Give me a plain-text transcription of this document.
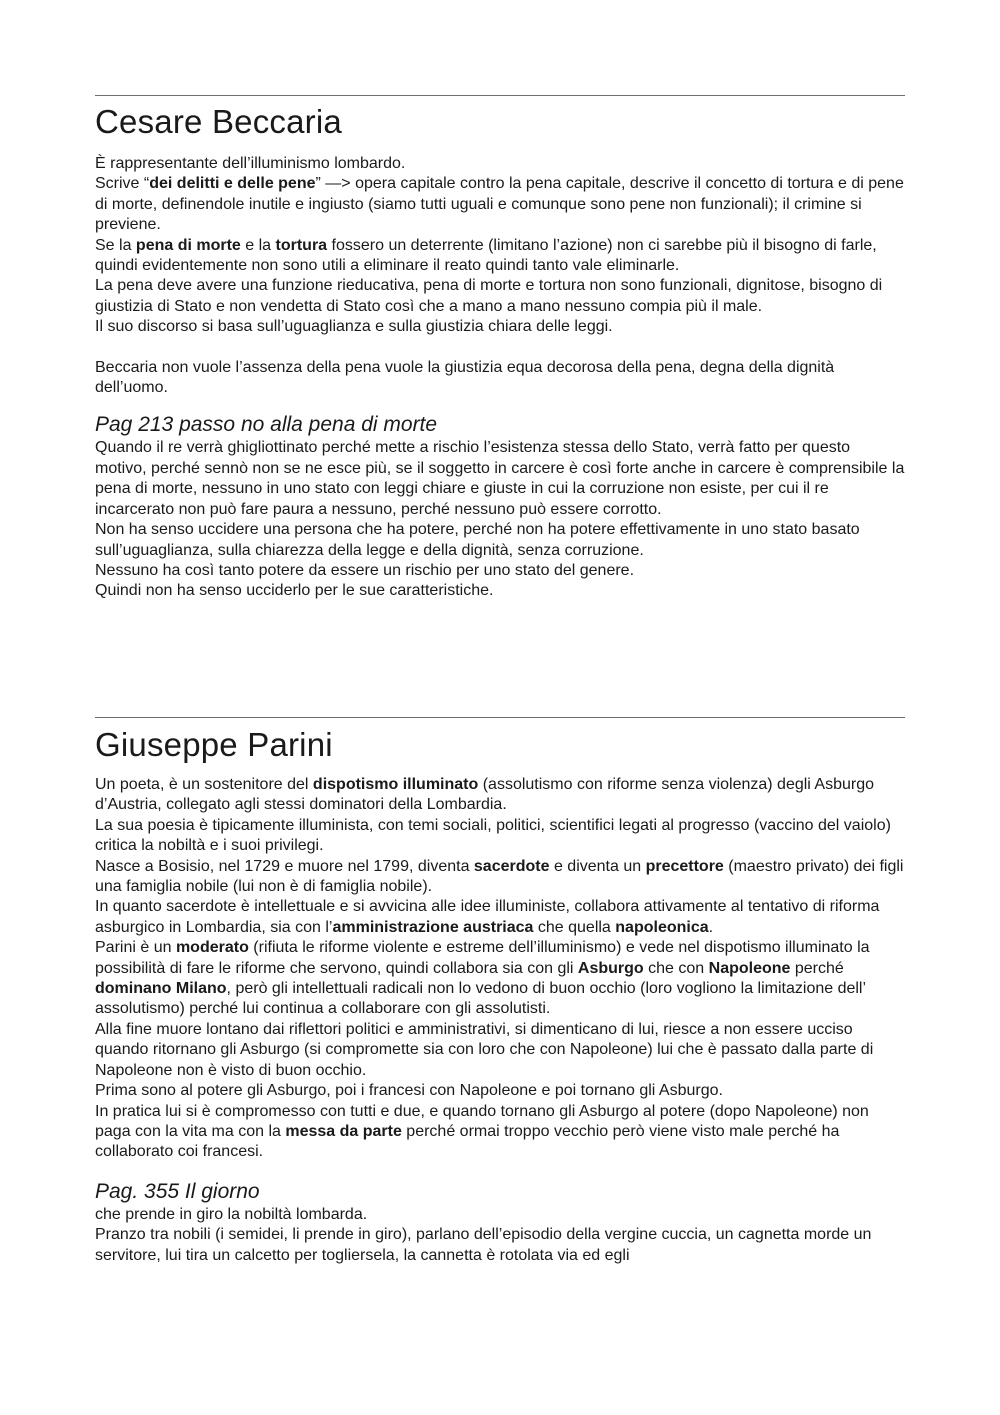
Cesare Beccaria

È rappresentante dell’illuminismo lombardo.

Scrive “dei delitti e delle pene” —> opera capitale contro la pena capitale, descrive il concetto di tortura e di pene di morte, definendole inutile e ingiusto (siamo tutti uguali e comunque sono pene non funzionali); il crimine si previene.

Se la pena di morte e la tortura fossero un deterrente (limitano l’azione) non ci sarebbe più il bisogno di farle, quindi evidentemente non sono utili a eliminare il reato quindi tanto vale eliminarle.

La pena deve avere una funzione rieducativa, pena di morte e tortura non sono funzionali, dignitose, bisogno di giustizia di Stato e non vendetta di Stato così che a mano a mano nessuno compia più il male.

Il suo discorso si basa sull’uguaglianza e sulla giustizia chiara delle leggi.

Beccaria non vuole l’assenza della pena vuole la giustizia equa decorosa della pena, degna della dignità dell’uomo.

Pag 213 passo no alla pena di morte

Quando il re verrà ghigliottinato perché mette a rischio l’esistenza stessa dello Stato, verrà fatto per questo motivo, perché sennò non se ne esce più, se il soggetto in carcere è così forte anche in carcere è comprensibile la pena di morte, nessuno in uno stato con leggi chiare e giuste in cui la corruzione non esiste, per cui il re incarcerato non può fare paura a nessuno, perché nessuno può essere corrotto.

Non ha senso uccidere una persona che ha potere, perché non ha potere effettivamente in uno stato basato sull’uguaglianza, sulla chiarezza della legge e della dignità, senza corruzione.

Nessuno ha così tanto potere da essere un rischio per uno stato del genere.

Quindi non ha senso ucciderlo per le sue caratteristiche.

Giuseppe Parini

Un poeta, è un sostenitore del dispotismo illuminato (assolutismo con riforme senza violenza) degli Asburgo d’Austria, collegato agli stessi dominatori della Lombardia.

La sua poesia è tipicamente illuminista, con temi sociali, politici, scientifici legati al progresso (vaccino del vaiolo) critica la nobiltà e i suoi privilegi.

Nasce a Bosisio, nel 1729 e muore nel 1799, diventa sacerdote e diventa un precettore (maestro privato) dei figli una famiglia nobile (lui non è di famiglia nobile).

In quanto sacerdote è intellettuale e si avvicina alle idee illuministe, collabora attivamente al tentativo di riforma asburgico in Lombardia, sia con l’amministrazione austriaca che quella napoleonica.

Parini è un moderato (rifiuta le riforme violente e estreme dell’illuminismo) e vede nel dispotismo illuminato la possibilità di fare le riforme che servono, quindi collabora sia con gli Asburgo che con Napoleone perché dominano Milano, però gli intellettuali radicali non lo vedono di buon occhio (loro vogliono la limitazione dell’ assolutismo) perché lui continua a collaborare con gli assolutisti.

Alla fine muore lontano dai riflettori politici e amministrativi, si dimenticano di lui, riesce a non essere ucciso quando ritornano gli Asburgo (si compromette sia con loro che con Napoleone) lui che è passato dalla parte di Napoleone non è visto di buon occhio.

Prima sono al potere gli Asburgo, poi i francesi con Napoleone e poi tornano gli Asburgo.

In pratica lui si è compromesso con tutti e due, e quando tornano gli Asburgo al potere (dopo Napoleone) non paga con la vita ma con la messa da parte perché ormai troppo vecchio però viene visto male perché ha collaborato coi francesi.

Pag. 355 Il giorno

che prende in giro la nobiltà lombarda.

Pranzo tra nobili (i semidei, li prende in giro), parlano dell’episodio della vergine cuccia, un cagnetta morde un servitore, lui tira un calcetto per togliersela, la cannetta è rotolata via ed egli
